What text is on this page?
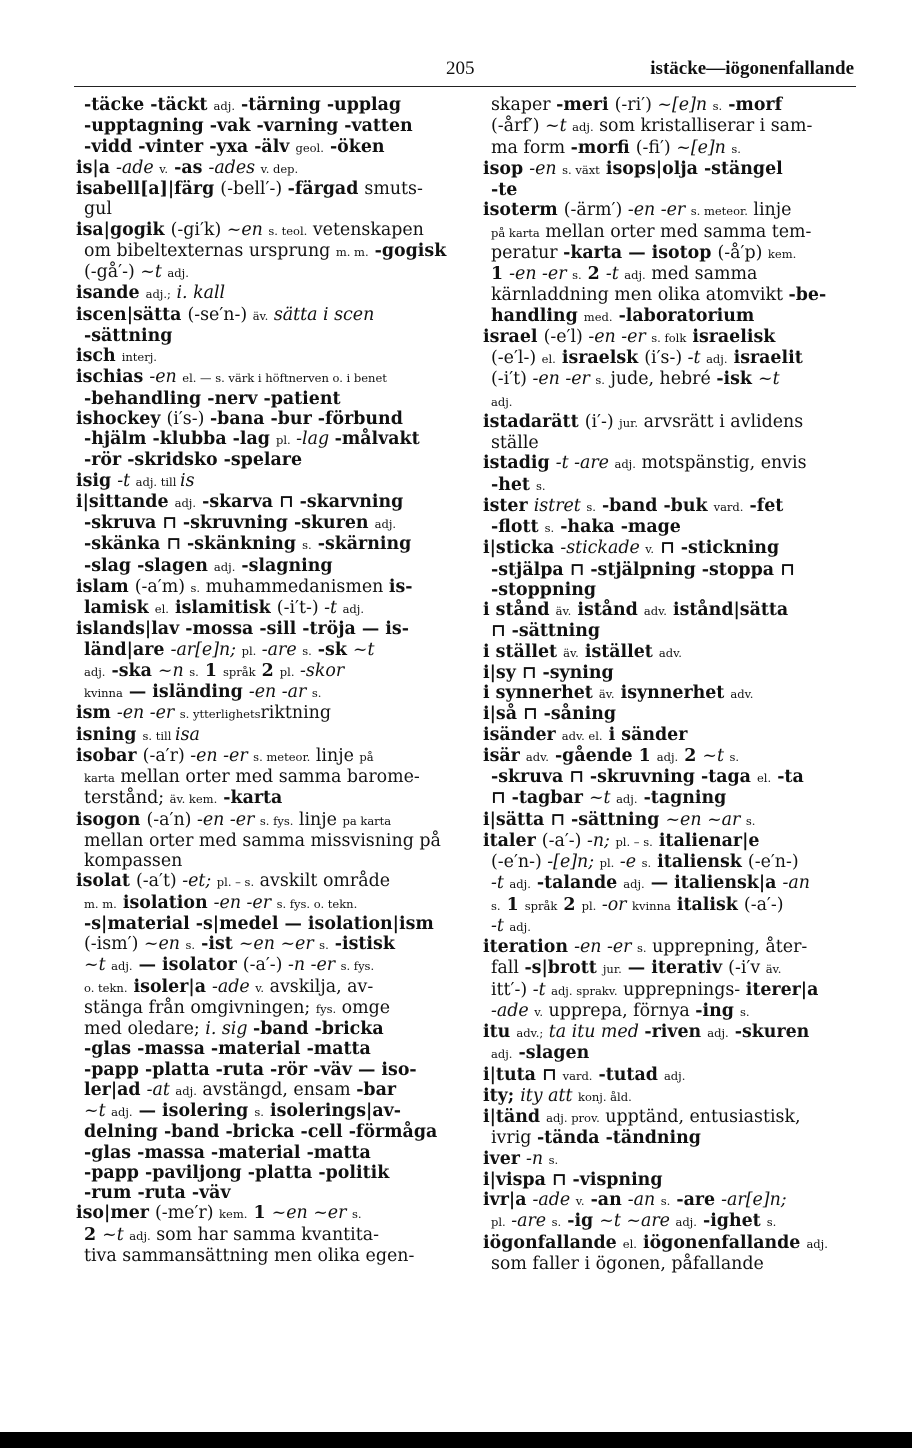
205	istäcke—iögonenfallande
-täcke -täckt adj. -tärning -upplag
-upptagning -vak -varning -vatten
-vidd -vinter -yxa -älv geol. -öken
is|a -ade v. -as -ades v. dep.
isabell[a]|färg (-bell′-) -färgad smuts-
gul
isa|gogik (-gi′k) ~en s. teol. vetenskapen
om bibeltexternas ursprung m. m. -gogisk
(-gå′-) ~t adj.
isande adj.; i. kall
iscen|sätta (-se′n-) äv. sätta i scen
-sättning
isch interj.
ischias -en el. — s. värk i höftnerven o. i benet
-behandling -nerv -patient
ishockey (i′s-) -bana -bur -förbund
-hjälm -klubba -lag pl. -lag -målvakt
-rör -skridsko -spelare
isig -t adj. till is
i|sittande adj. -skarva ⊓ -skarvning
-skruva ⊓ -skruvning -skuren adj.
-skänka ⊓ -skänkning s. -skärning
-slag -slagen adj. -slagning
islam (-a′m) s. muhammedanismen is-
lamisk el. islamitisk (-i′t-) -t adj.
islands|lav -mossa -sill -tröja — is-
länd|are -ar[e]n; pl. -are s. -sk ~t
adj. -ska ~n s. 1 språk 2 pl. -skor
kvinna — isländing -en -ar s.
ism -en -er s. ytterlighetsriktning
isning s. till isa
isobar (-a′r) -en -er s. meteor. linje på
karta mellan orter med samma barome-
terstånd; äv. kem. -karta
isogon (-a′n) -en -er s. fys. linje pa karta
mellan orter med samma missvisning på
kompassen
isolat (-a′t) -et; pl. – s. avskilt område
m. m. isolation -en -er s. fys. o. tekn.
-s|material -s|medel — isolation|ism
(-ism′) ~en s. -ist ~en ~er s. -istisk
~t adj. — isolator (-a′-) -n -er s. fys.
o. tekn. isoler|a -ade v. avskilja, av-
stänga från omgivningen; fys. omge
med oledare; i. sig -band -bricka
-glas -massa -material -matta
-papp -platta -ruta -rör -väv — iso-
ler|ad -at adj. avstängd, ensam -bar
~t adj. — isolering s. isolerings|av-
delning -band -bricka -cell -förmåga
-glas -massa -material -matta
-papp -paviljong -platta -politik
-rum -ruta -väv
iso|mer (-me′r) kem. 1 ~en ~er s.
2 ~t adj. som har samma kvantita-
tiva sammansättning men olika egen-
skaper -meri (-ri′) ~[e]n s. -morf
(-årf′) ~t adj. som kristalliserar i sam-
ma form -morfi (-fi′) ~[e]n s.
isop -en s. växt isops|olja -stängel
-te
isoterm (-ärm′) -en -er s. meteor. linje
på karta mellan orter med samma tem-
peratur -karta — isotop (-å′p) kem.
1 -en -er s. 2 -t adj. med samma
kärnladdning men olika atomvikt -be-
handling med. -laboratorium
israel (-e′l) -en -er s. folk israelisk
(-e′l-) el. israelsk (i′s-) -t adj. israelit
(-i′t) -en -er s. jude, hebré -isk ~t
adj.
istadarätt (i′-) jur. arvsrätt i avlidens
ställe
istadig -t -are adj. motspänstig, envis
-het s.
ister istret s. -band -buk vard. -fet
-flott s. -haka -mage
i|sticka -stickade v. ⊓ -stickning
-stjälpa ⊓ -stjälpning -stoppa ⊓
-stoppning
i stånd äv. istånd adv. istånd|sätta
⊓ -sättning
i stället äv. istället adv.
i|sy ⊓ -syning
i synnerhet äv. isynnerhet adv.
i|så ⊓ -såning
isänder adv. el. i sänder
isär adv. -gående 1 adj. 2 ~t s.
-skruva ⊓ -skruvning -taga el. -ta
⊓ -tagbar ~t adj. -tagning
i|sätta ⊓ -sättning ~en ~ar s.
italer (-a′-) -n; pl. – s. italienar|e
(-e′n-) -[e]n; pl. -e s. italiensk (-e′n-)
-t adj. -talande adj. — italiensk|a -an
s. 1 språk 2 pl. -or kvinna italisk (-a′-)
-t adj.
iteration -en -er s. upprepning, åter-
fall -s|brott jur. — iterativ (-i′v äv.
itt′-) -t adj. sprakv. upprepnings- iterer|a
-ade v. upprepa, förnya -ing s.
itu adv.; ta itu med -riven adj. -skuren
adj. -slagen
i|tuta ⊓ vard. -tutad adj.
ity; ity att konj. åld.
i|tänd adj. prov. upptänd, entusiastisk,
ivrig -tända -tändning
iver -n s.
i|vispa ⊓ -vispning
ivr|a -ade v. -an -an s. -are -ar[e]n;
pl. -are s. -ig ~t ~are adj. -ighet s.
iögonfallande el. iögonenfallande adj.
som faller i ögonen, påfallande
